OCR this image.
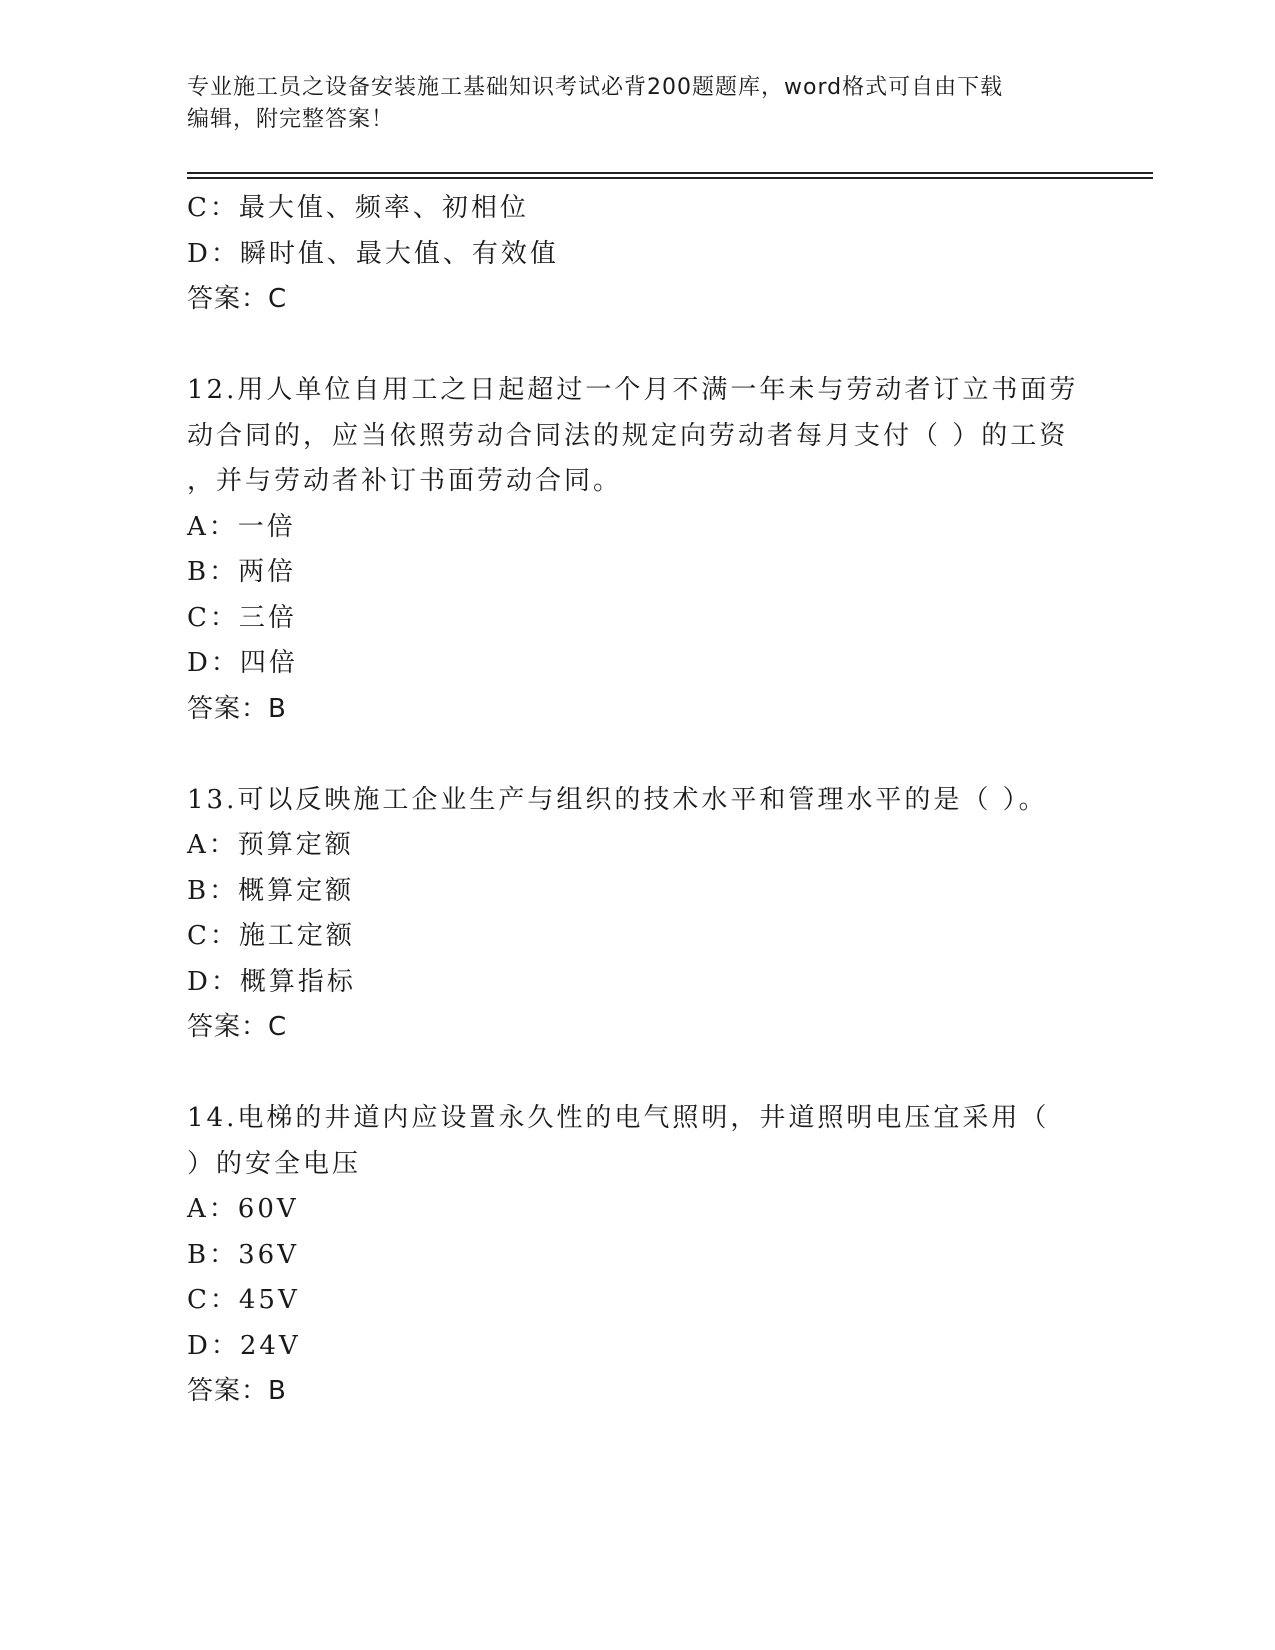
专业施工员之设备安装施工基础知识考试必背200题题库，word格式可自由下载
编辑，附完整答案！
C：最大值、频率、初相位
D：瞬时值、最大值、有效值
答案：C
12.用人单位自用工之日起超过一个月不满一年未与劳动者订立书面劳
动合同的，应当依照劳动合同法的规定向劳动者每月支付（ ）的工资
，并与劳动者补订书面劳动合同。
A：一倍
B：两倍
C：三倍
D：四倍
答案：B
13.可以反映施工企业生产与组织的技术水平和管理水平的是（ ）。
A：预算定额
B：概算定额
C：施工定额
D：概算指标
答案：C
14.电梯的井道内应设置永久性的电气照明，井道照明电压宜采用（
）的安全电压
A：60V
B：36V
C：45V
D：24V
答案：B
